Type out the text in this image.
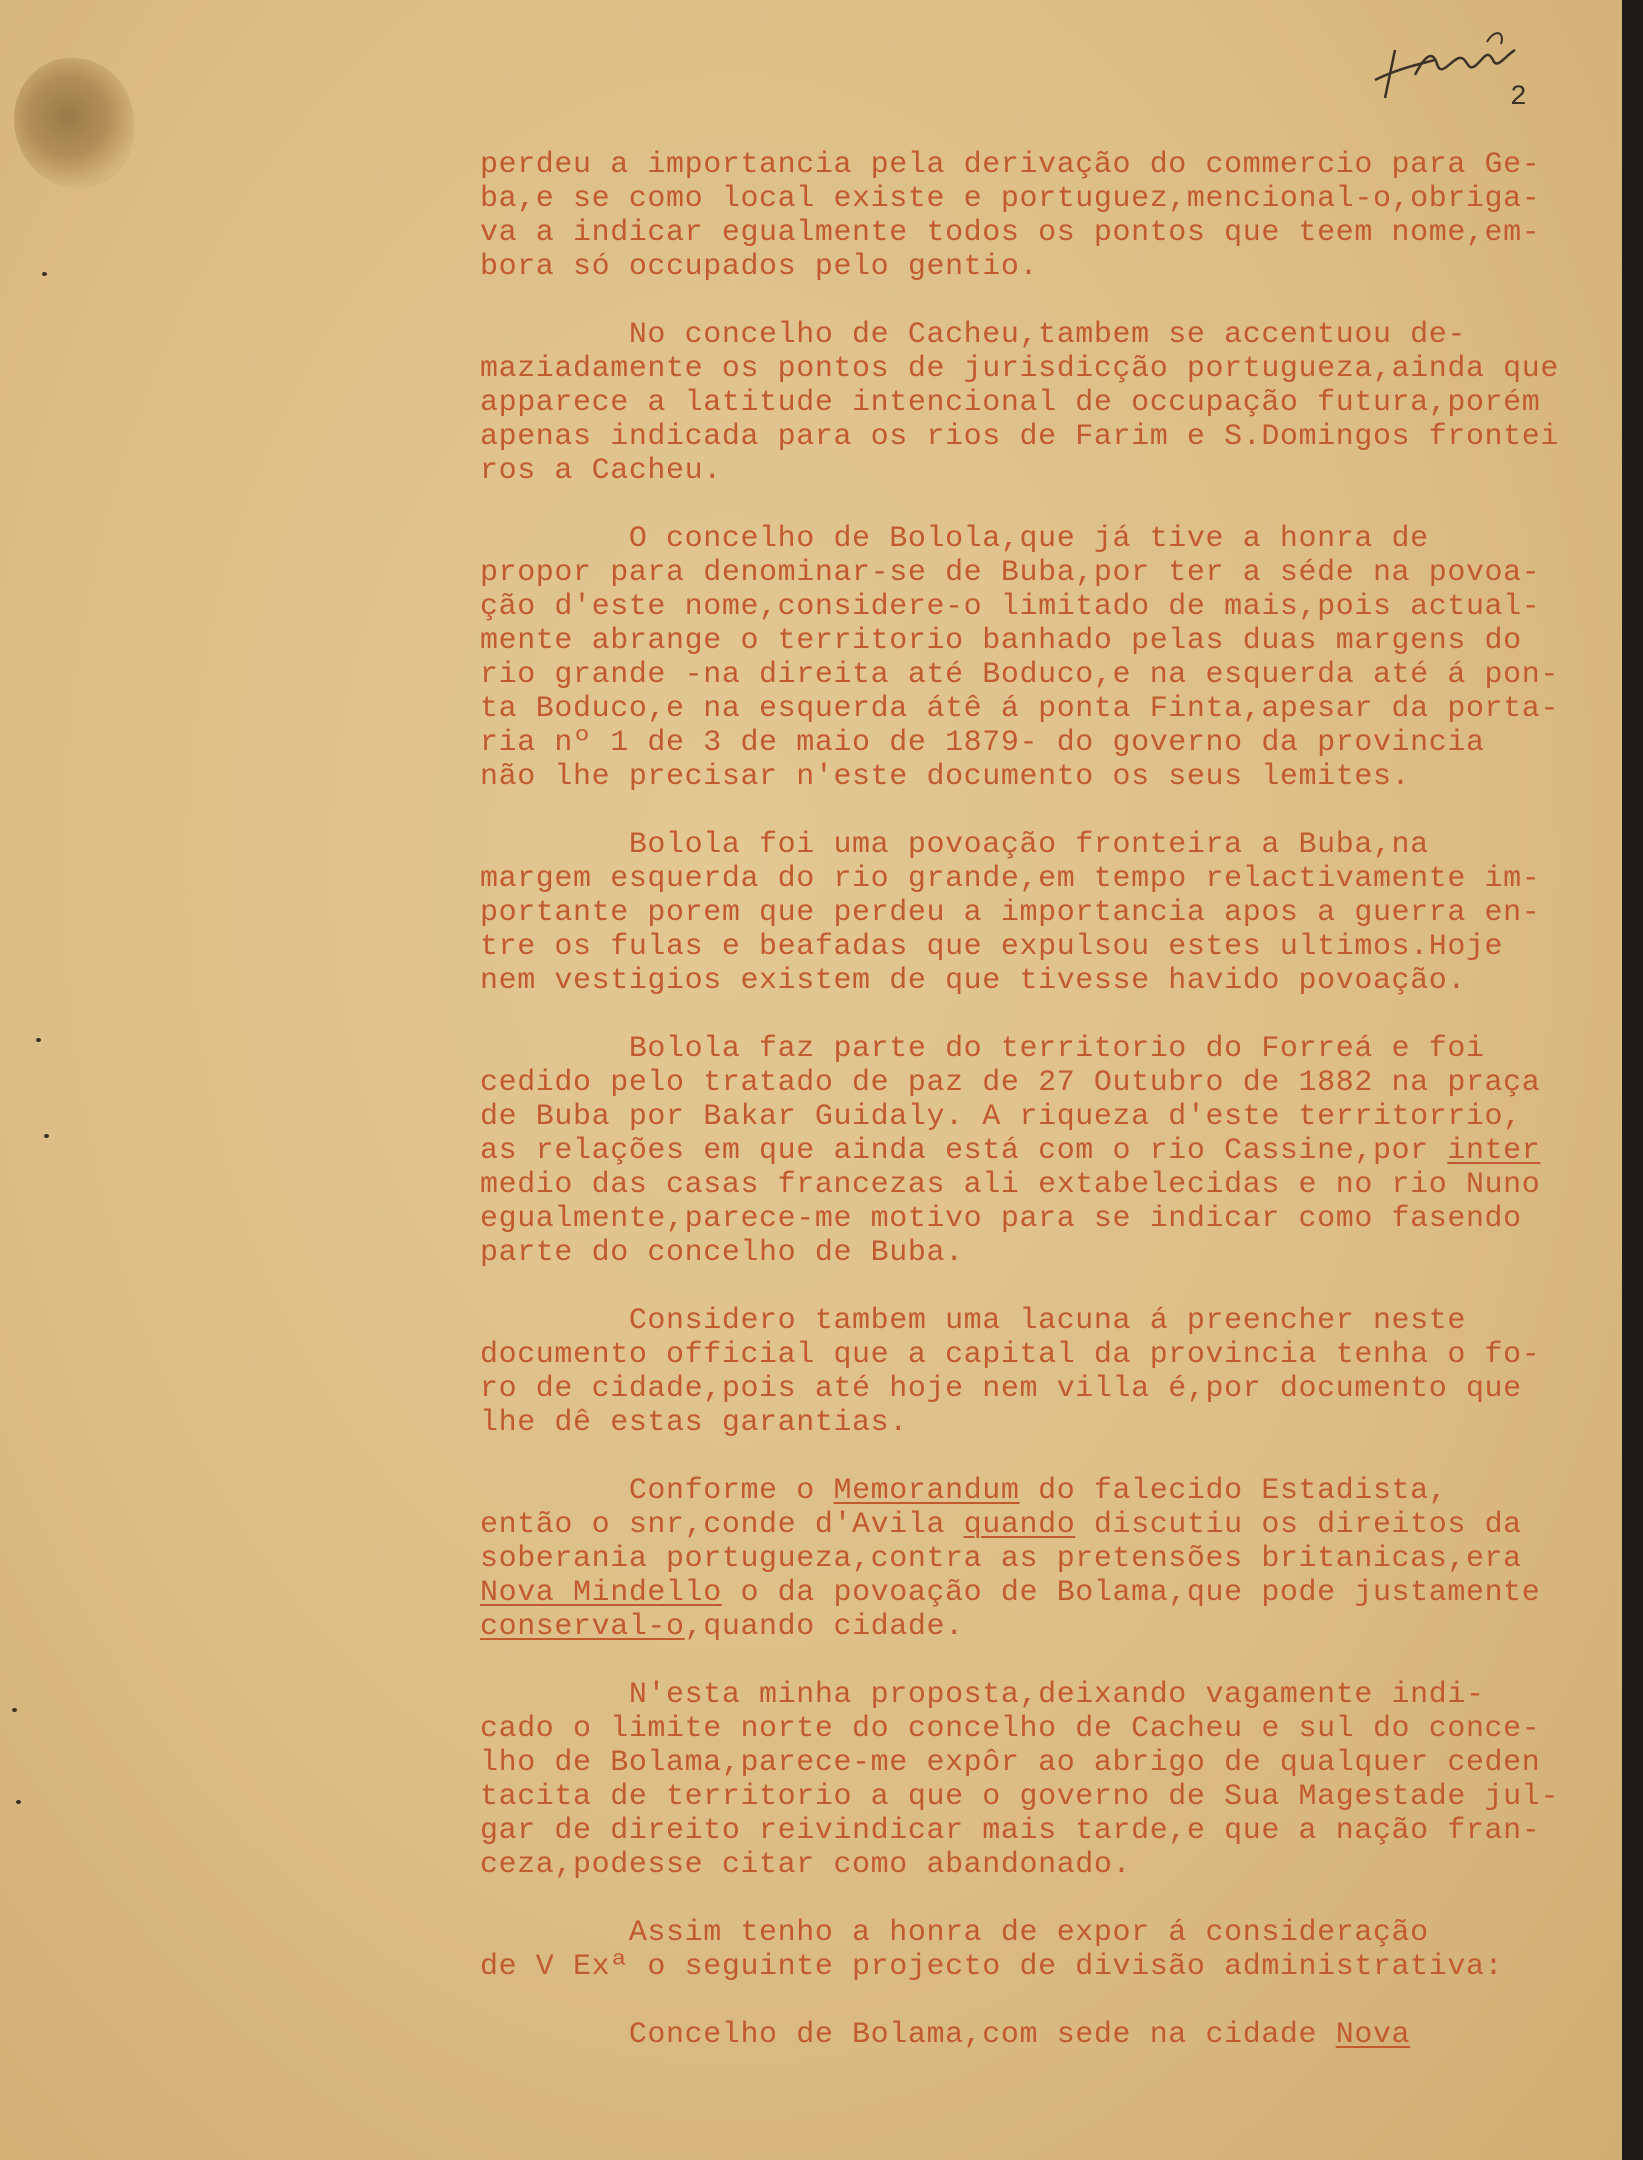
2
perdeu a importancia pela derivação do commercio para Ge-
ba,e se como local existe e portuguez,mencional-o,obriga-
va a indicar egualmente todos os pontos que teem nome,em-
bora só occupados pelo gentio.
No concelho de Cacheu,tambem se accentuou de-
maziadamente os pontos de jurisdicção portugueza,ainda que
apparece a latitude intencional de occupação futura,porém
apenas indicada para os rios de Farim e S.Domingos frontei
ros a Cacheu.
O concelho de Bolola,que já tive a honra de
propor para denominar-se de Buba,por ter a séde na povoa-
ção d'este nome,considere-o limitado de mais,pois actual-
mente abrange o territorio banhado pelas duas margens do
rio grande -na direita até Boduco,e na esquerda até á pon-
ta Boduco,e na esquerda átê á ponta Finta,apesar da porta-
ria nº 1 de 3 de maio de 1879- do governo da provincia
não lhe precisar n'este documento os seus lemites.
Bolola foi uma povoação fronteira a Buba,na
margem esquerda do rio grande,em tempo relactivamente im-
portante porem que perdeu a importancia apos a guerra en-
tre os fulas e beafadas que expulsou estes ultimos.Hoje
nem vestigios existem de que tivesse havido povoação.
Bolola faz parte do territorio do Forreá e foi
cedido pelo tratado de paz de 27 Outubro de 1882 na praça
de Buba por Bakar Guidaly. A riqueza d'este territorrio,
as relações em que ainda está com o rio Cassine,por inter
medio das casas francezas ali extabelecidas e no rio Nuno
egualmente,parece-me motivo para se indicar como fasendo
parte do concelho de Buba.
Considero tambem uma lacuna á preencher neste
documento official que a capital da provincia tenha o fo-
ro de cidade,pois até hoje nem villa é,por documento que
lhe dê estas garantias.
Conforme o Memorandum do falecido Estadista,
então o snr,conde d'Avila quando discutiu os direitos da
soberania portugueza,contra as pretensões britanicas,era
Nova Mindello o da povoação de Bolama,que pode justamente
conserval-o,quando cidade.
N'esta minha proposta,deixando vagamente indi-
cado o limite norte do concelho de Cacheu e sul do conce-
lho de Bolama,parece-me expôr ao abrigo de qualquer ceden
tacita de territorio a que o governo de Sua Magestade jul-
gar de direito reivindicar mais tarde,e que a nação fran-
ceza,podesse citar como abandonado.
Assim tenho a honra de expor á consideração
de V Exª o seguinte projecto de divisão administrativa:
Concelho de Bolama,com sede na cidade Nova
